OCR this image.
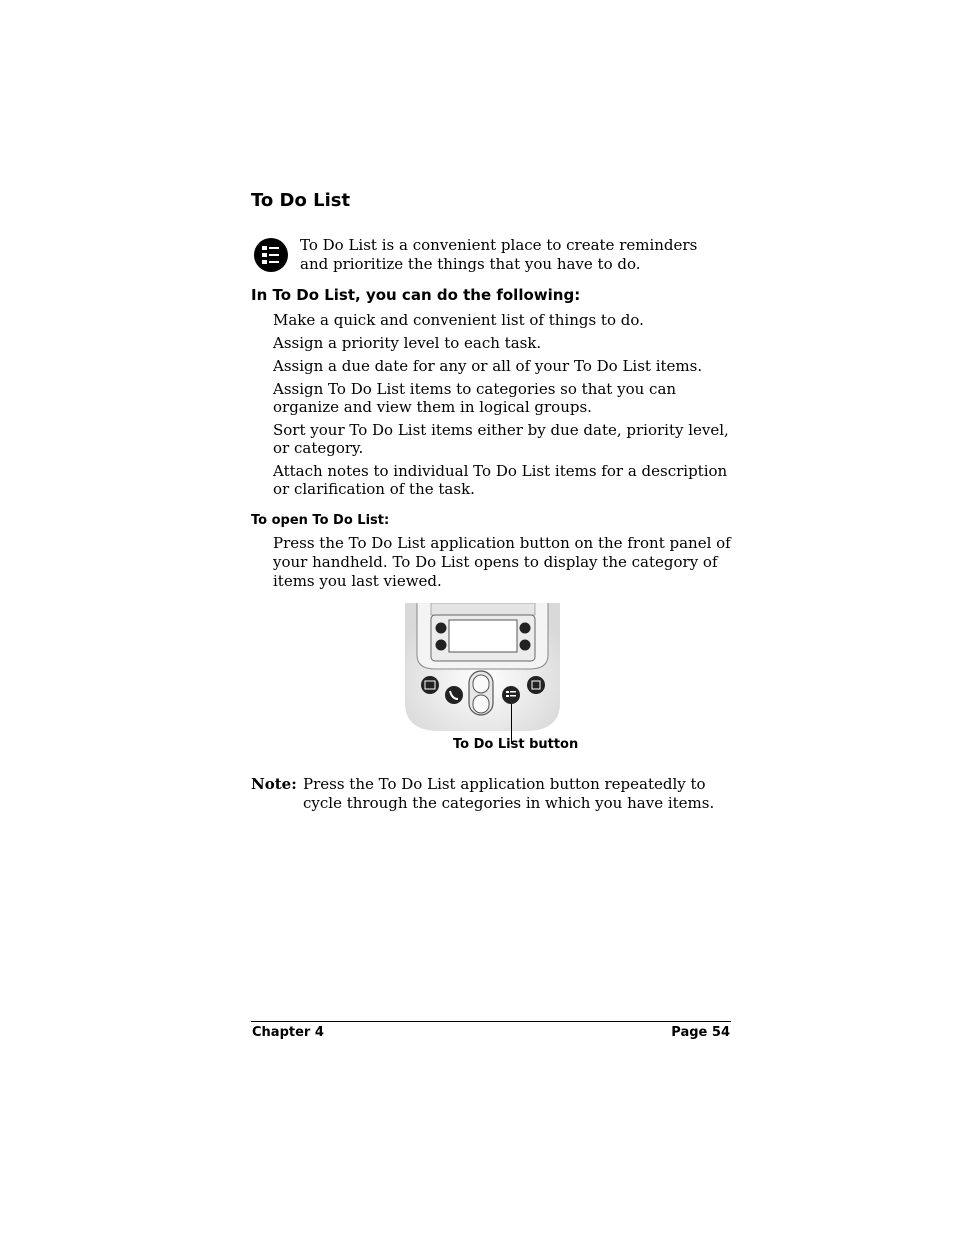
To Do List

To Do List is a convenient place to create reminders and prioritize the things that you have to do.

In To Do List, you can do the following:
Make a quick and convenient list of things to do.
Assign a priority level to each task.
Assign a due date for any or all of your To Do List items.
Assign To Do List items to categories so that you can organize and view them in logical groups.
Sort your To Do List items either by due date, priority level, or category.
Attach notes to individual To Do List items for a description or clarification of the task.
To open To Do List:

Press the To Do List application button on the front panel of your handheld. To Do List opens to display the category of items you last viewed.

To Do List button
Note: Press the To Do List application button repeatedly to cycle through the categories in which you have items.

Chapter 4	Page 54
